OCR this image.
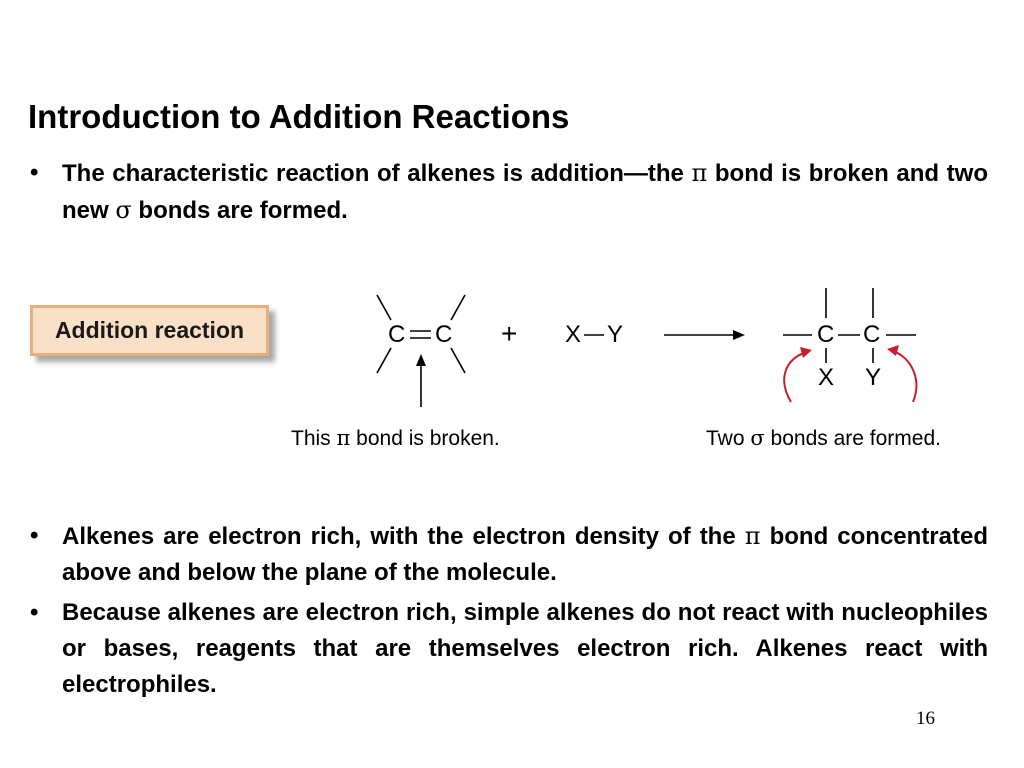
Introduction to Addition Reactions
• The characteristic reaction of alkenes is addition—the π bond is broken and two new σ bonds are formed.
Addition reaction	C C + X Y	C C
X Y
This π bond is broken.	Two σ bonds are formed.
• Alkenes are electron rich, with the electron density of the π bond concentrated above and below the plane of the molecule.
• Because alkenes are electron rich, simple alkenes do not react with nucleophiles or bases, reagents that are themselves electron rich. Alkenes react with electrophiles.
16
